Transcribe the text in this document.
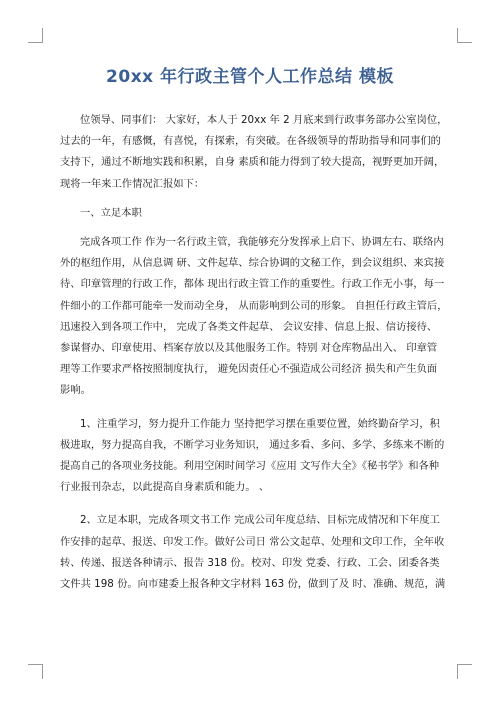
20xx 年行政主管个人工作总结 模板

位领导、同事们： 大家好，本人于 20xx 年 2 月底来到行政事务部办公室岗位，
过去的一年，有感慨，有喜悦，有探索，有突破。在各级领导的帮助指导和同事们的
支持下，通过不断地实践和积累，自身 素质和能力得到了较大提高，视野更加开阔，
现将一年来工作情况汇报如下：

一、立足本职

完成各项工作 作为一名行政主管，我能够充分发挥承上启下、协调左右、联络内
外的枢纽作用，从信息调 研、文件起草、综合协调的文秘工作，到会议组织、来宾接
待、印章管理的行政工作，都体 现出行政主管工作的重要性。行政工作无小事，每一
件细小的工作都可能牵一发而动全身， 从而影响到公司的形象。 自担任行政主管后，
迅速投入到各项工作中， 完成了各类文件起草、 会议安排、信息上报、信访接待、
参谋督办、印章使用、档案存放以及其他服务工作。特别 对仓库物品出入、 印章管
理等工作要求严格按照制度执行， 避免因责任心不强造成公司经济 损失和产生负面
影响。

1、注重学习，努力提升工作能力 坚持把学习摆在重要位置，始终勤奋学习，积
极进取，努力提高自我，不断学习业务知识， 通过多看、多问、多学、多练来不断的
提高自己的各项业务技能。利用空闲时间学习《应用 文写作大全》《秘书学》和各种
行业报刊杂志，以此提高自身素质和能力。 、

2、立足本职，完成各项文书工作 完成公司年度总结、目标完成情况和下年度工
作安排的起草、报送、印发工作。做好公司日 常公文起草、处理和文印工作，全年收
转、传递、报送各种请示、报告 318 份。校对、印发 党委、行政、工会、团委各类
文件共 198 份。向市建委上报各种文字材料 163 份，做到了及 时、准确、规范，满
